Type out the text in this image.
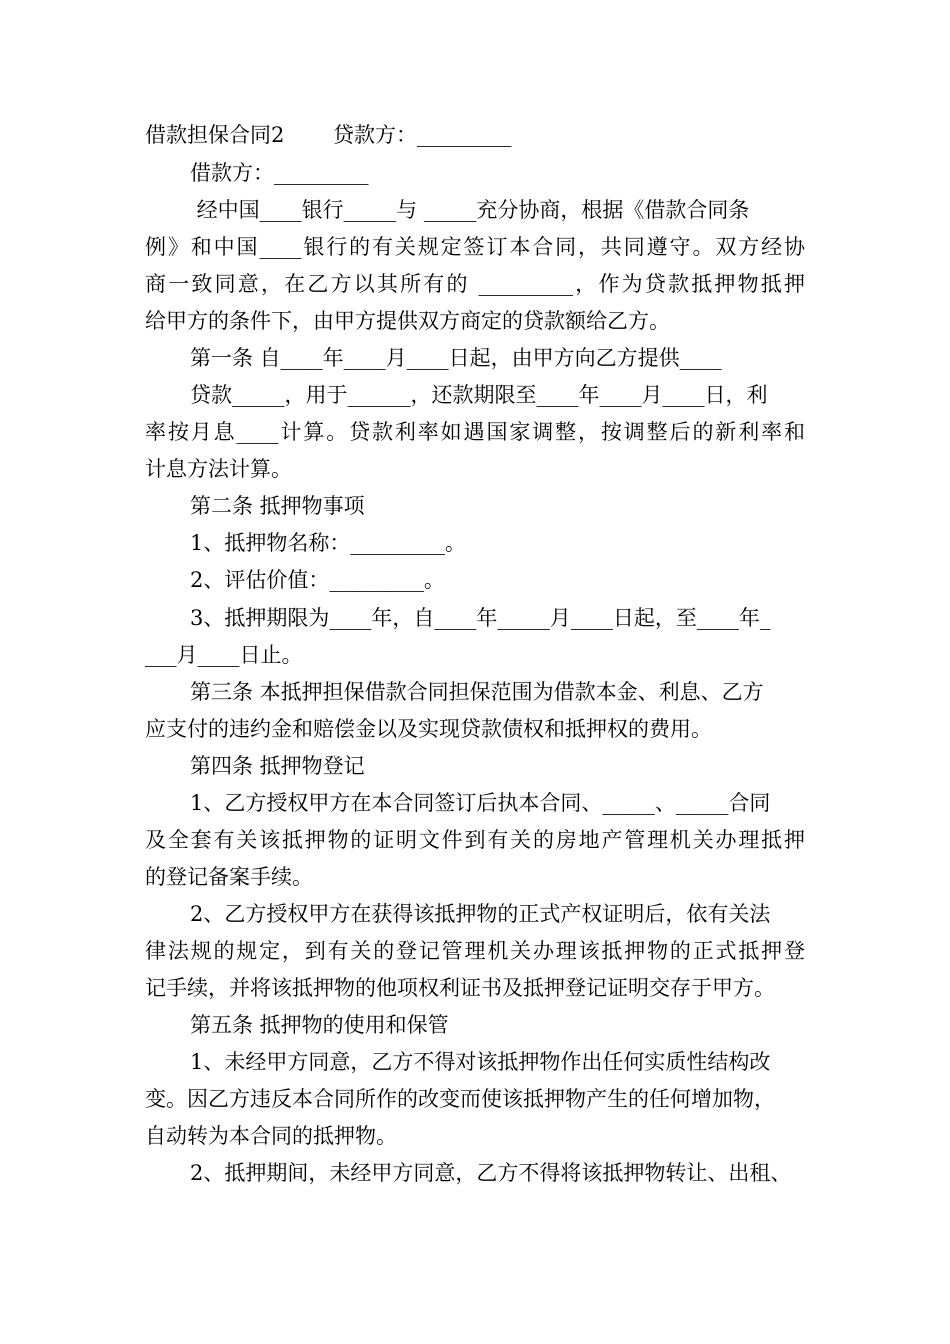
借款担保合同2　　 贷款方：_________
借款方：_________
经中国____银行_____与 _____充分协商，根据《借款合同条
例》和中国____银行的有关规定签订本合同，共同遵守。双方经协
商一致同意，在乙方以其所有的 _________，作为贷款抵押物抵押
给甲方的条件下，由甲方提供双方商定的贷款额给乙方。
第一条 自____年____月____日起，由甲方向乙方提供____
贷款_____，用于______，还款期限至____年____月____日，利
率按月息____计算。贷款利率如遇国家调整，按调整后的新利率和
计息方法计算。
第二条 抵押物事项
1、抵押物名称：_________。
2、评估价值：_________。
3、抵押期限为____年，自____年_____月____日起，至____年_
___月____日止。
第三条 本抵押担保借款合同担保范围为借款本金、利息、乙方
应支付的违约金和赔偿金以及实现贷款债权和抵押权的费用。
第四条 抵押物登记
1、乙方授权甲方在本合同签订后执本合同、_____、_____合同
及全套有关该抵押物的证明文件到有关的房地产管理机关办理抵押
的登记备案手续。
2、乙方授权甲方在获得该抵押物的正式产权证明后，依有关法
律法规的规定，到有关的登记管理机关办理该抵押物的正式抵押登
记手续，并将该抵押物的他项权利证书及抵押登记证明交存于甲方。
第五条 抵押物的使用和保管
1、未经甲方同意，乙方不得对该抵押物作出任何实质性结构改
变。因乙方违反本合同所作的改变而使该抵押物产生的任何增加物，
自动转为本合同的抵押物。
2、抵押期间，未经甲方同意，乙方不得将该抵押物转让、出租、
